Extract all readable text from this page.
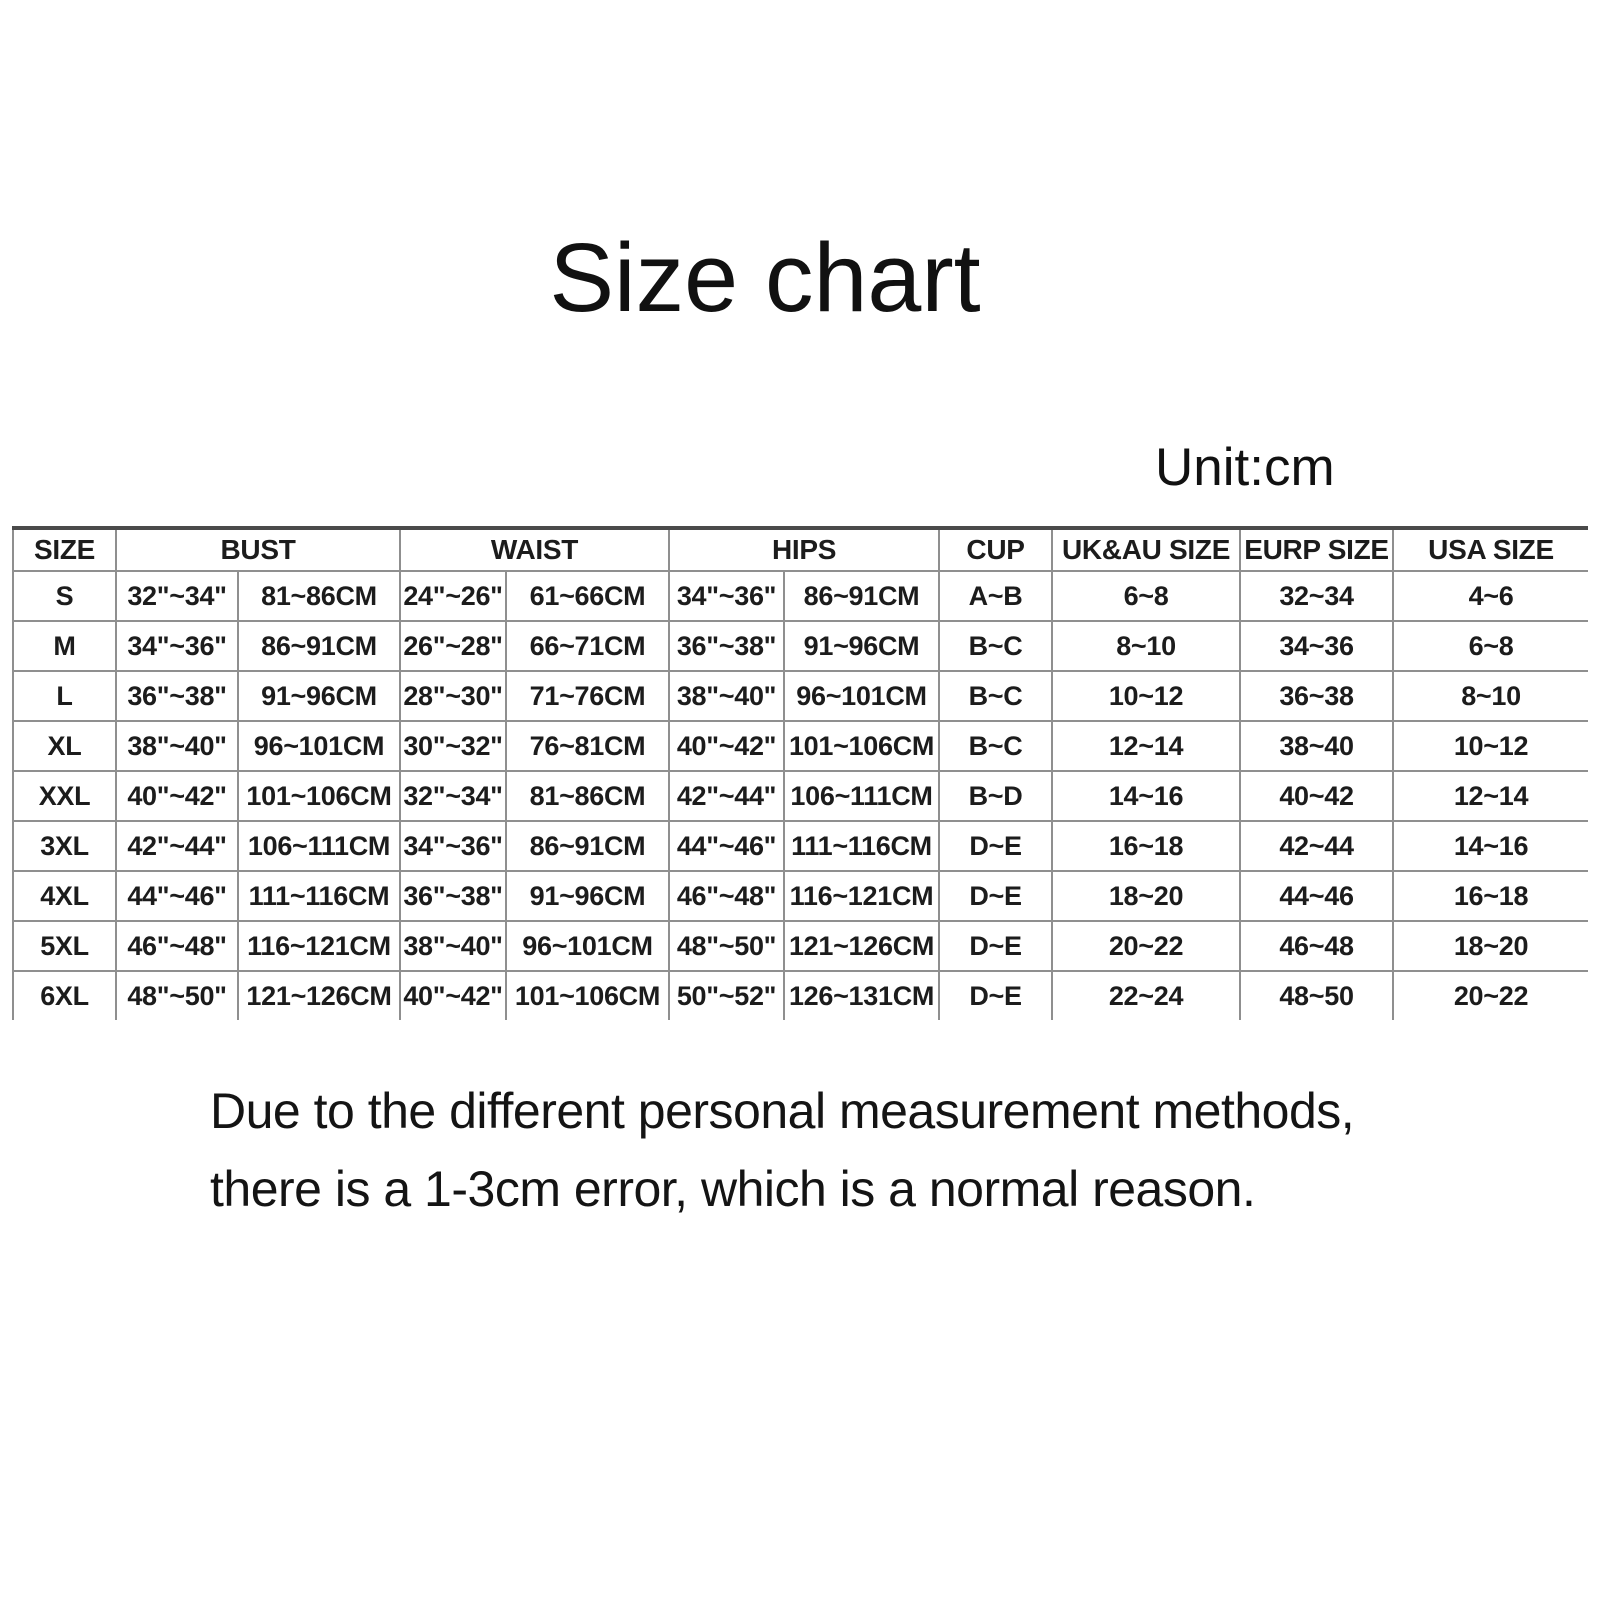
Size chart
Unit:cm
SIZE	BUST		WAIST		HIPS		CUP	UK&AU SIZE	EURP SIZE	USA SIZE
S	32"~34"	81~86CM	24"~26"	61~66CM	34"~36"	86~91CM	A~B	6~8	32~34	4~6
M	34"~36"	86~91CM	26"~28"	66~71CM	36"~38"	91~96CM	B~C	8~10	34~36	6~8
L	36"~38"	91~96CM	28"~30"	71~76CM	38"~40"	96~101CM	B~C	10~12	36~38	8~10
XL	38"~40"	96~101CM	30"~32"	76~81CM	40"~42"	101~106CM	B~C	12~14	38~40	10~12
XXL	40"~42"	101~106CM	32"~34"	81~86CM	42"~44"	106~111CM	B~D	14~16	40~42	12~14
3XL	42"~44"	106~111CM	34"~36"	86~91CM	44"~46"	111~116CM	D~E	16~18	42~44	14~16
4XL	44"~46"	111~116CM	36"~38"	91~96CM	46"~48"	116~121CM	D~E	18~20	44~46	16~18
5XL	46"~48"	116~121CM	38"~40"	96~101CM	48"~50"	121~126CM	D~E	20~22	46~48	18~20
6XL	48"~50"	121~126CM	40"~42"	101~106CM	50"~52"	126~131CM	D~E	22~24	48~50	20~22
Due to the different personal measurement methods,
there is a 1-3cm error, which is a normal reason.
